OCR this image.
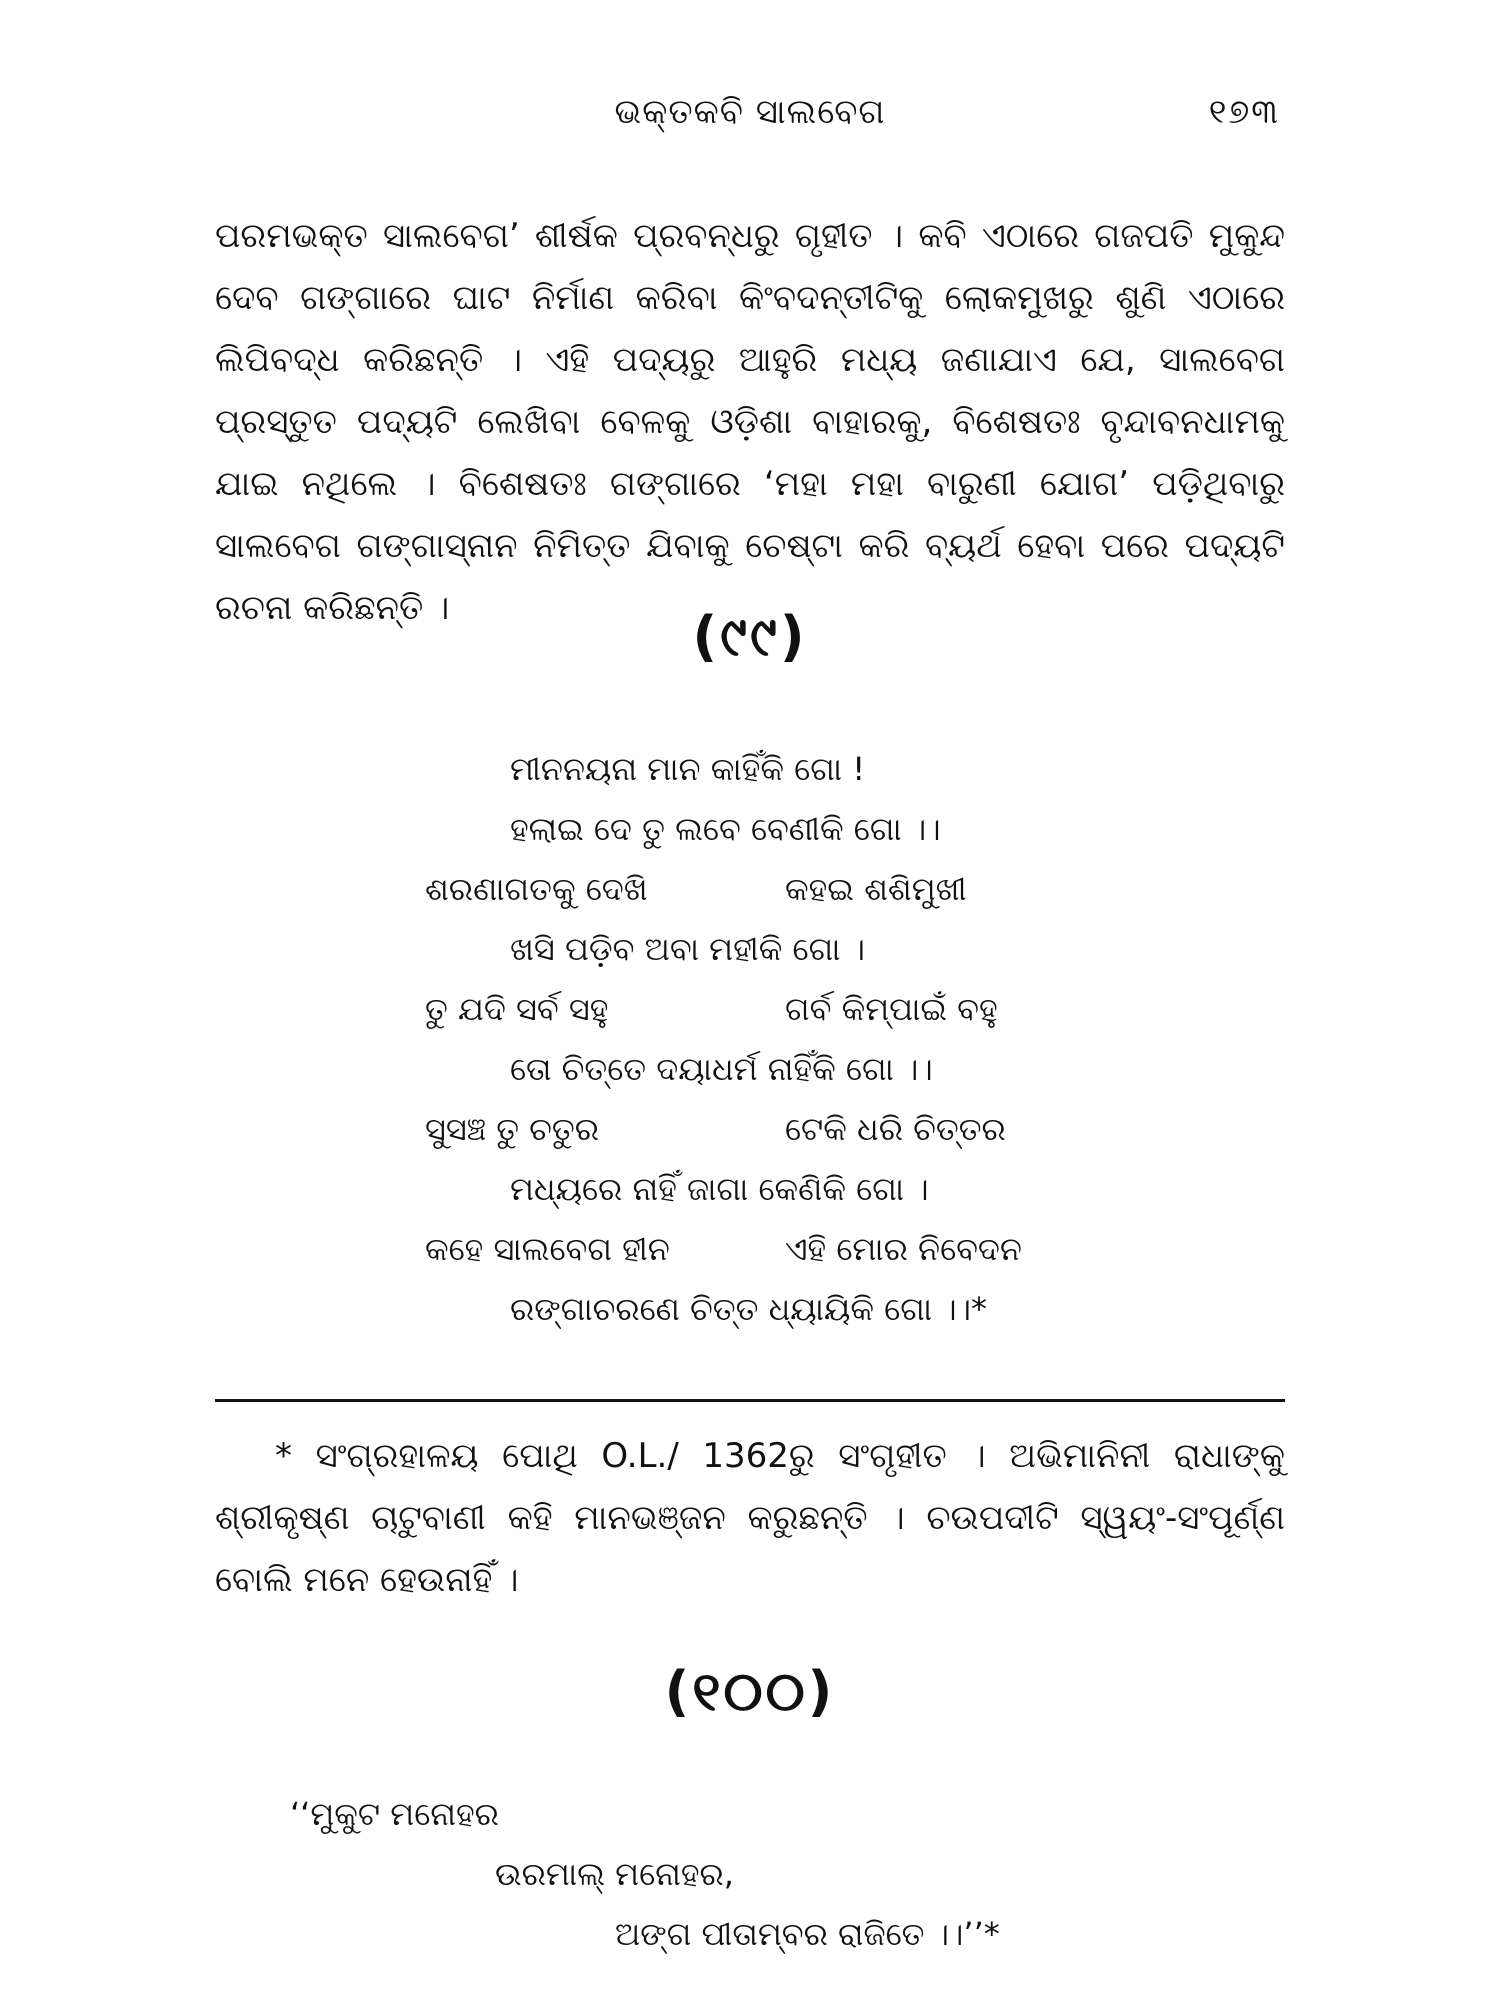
ଭକ୍ତକବି ସାଲବେଗ	୧୭୩

ପରମଭକ୍ତ ସାଲବେଗ’ ଶୀର୍ଷକ ପ୍ରବନ୍ଧରୁ ଗୃହୀତ । କବି ଏଠାରେ ଗଜପତି ମୁକୁନ୍ଦ ଦେବ ଗଙ୍ଗାରେ ଘାଟ ନିର୍ମାଣ କରିବା କିଂବଦନ୍ତୀଟିକୁ ଲୋକମୁଖରୁ ଶୁଣି ଏଠାରେ ଲିପିବଦ୍ଧ କରିଛନ୍ତି । ଏହି ପଦ୍ୟରୁ ଆହୁରି ମଧ୍ୟ ଜଣାଯାଏ ଯେ, ସାଲବେଗ ପ୍ରସ୍ତୁତ ପଦ୍ୟଟି ଲେଖିବା ବେଳକୁ ଓଡ଼ିଶା ବାହାରକୁ, ବିଶେଷତଃ ବୃନ୍ଦାବନଧାମକୁ ଯାଇ ନଥିଲେ । ବିଶେଷତଃ ଗଙ୍ଗାରେ ‘ମହା ମହା ବାରୁଣୀ ଯୋଗ’ ପଡ଼ିଥିବାରୁ ସାଲବେଗ ଗଙ୍ଗାସ୍ନାନ ନିମିତ୍ତ ଯିବାକୁ ଚେଷ୍ଟା କରି ବ୍ୟର୍ଥ ହେବା ପରେ ପଦ୍ୟଟି ରଚନା କରିଛନ୍ତି ।	(୯୯)
ମୀନନୟନା ମାନ କାହିଁକି ଗୋ !
ହଲାଇ ଦେ ତୁ ଲବେ ବେଣୀକି ଗୋ ।।
ଶରଣାଗତକୁ ଦେଖି	କହଇ ଶଶିମୁଖୀ
ଖସି ପଡ଼ିବ ଅବା ମହୀକି ଗୋ ।
ତୁ ଯଦି ସର୍ବ ସହୁ	ଗର୍ବ କିମ୍ପାଇଁ ବହୁ
ତୋ ଚିତ୍ତେ ଦୟାଧର୍ମ ନାହିଁକି ଗୋ ।।
ସୁସଞ୍ଚ ତୁ ଚତୁର	ଟେକି ଧରି ଚିତ୍ତର
ମଧ୍ୟରେ ନାହିଁ ଜାଗା କେଣିକି ଗୋ ।
କହେ ସାଲବେଗ ହୀନ	ଏହି ମୋର ନିବେଦନ
ରଙ୍ଗାଚରଣେ ଚିତ୍ତ ଧ୍ୟାୟିକି ଗୋ ।।*

* ସଂଗ୍ରହାଳୟ ପୋଥି O.L./ 1362ରୁ ସଂଗୃହୀତ । ଅଭିମାନିନୀ ରାଧାଙ୍କୁ ଶ୍ରୀକୃଷ୍ଣ ଚାଟୁବାଣୀ କହି ମାନଭଞ୍ଜନ କରୁଛନ୍ତି । ଚଉପଦୀଟି ସ୍ୱୟଂ-ସଂପୂର୍ଣ୍ଣ ବୋଲି ମନେ ହେଉନାହିଁ ।

(୧୦୦)
‘‘ମୁକୁଟ ମନୋହର
ଉରମାଲ୍ ମନୋହର,
ଅଙ୍ଗ ପୀତାମ୍ବର ରାଜିତେ ।।’’*
